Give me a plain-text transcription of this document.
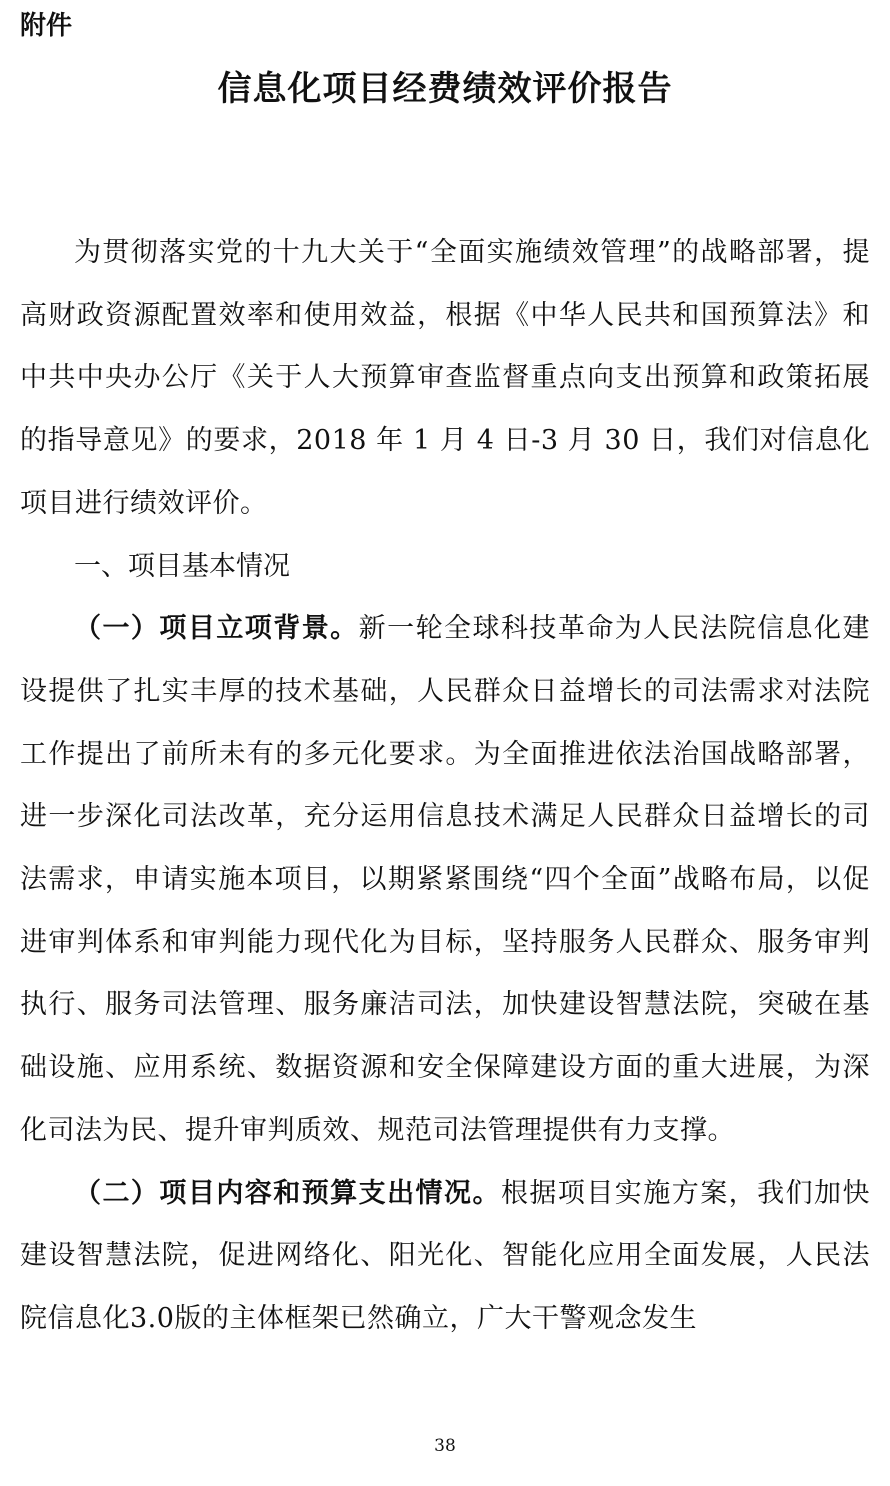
附件

信息化项目经费绩效评价报告

为贯彻落实党的十九大关于“全面实施绩效管理”的战略部署，提高财政资源配置效率和使用效益，根据《中华人民共和国预算法》和中共中央办公厅《关于人大预算审查监督重点向支出预算和政策拓展的指导意见》的要求，2018 年 1 月 4 日-3 月 30 日，我们对信息化项目进行绩效评价。

一、项目基本情况

（一）项目立项背景。新一轮全球科技革命为人民法院信息化建设提供了扎实丰厚的技术基础，人民群众日益增长的司法需求对法院工作提出了前所未有的多元化要求。为全面推进依法治国战略部署，进一步深化司法改革，充分运用信息技术满足人民群众日益增长的司法需求，申请实施本项目，以期紧紧围绕“四个全面”战略布局，以促进审判体系和审判能力现代化为目标，坚持服务人民群众、服务审判执行、服务司法管理、服务廉洁司法，加快建设智慧法院，突破在基础设施、应用系统、数据资源和安全保障建设方面的重大进展，为深化司法为民、提升审判质效、规范司法管理提供有力支撑。

（二）项目内容和预算支出情况。根据项目实施方案，我们加快建设智慧法院，促进网络化、阳光化、智能化应用全面发展，人民法院信息化3.0版的主体框架已然确立，广大干警观念发生

38
